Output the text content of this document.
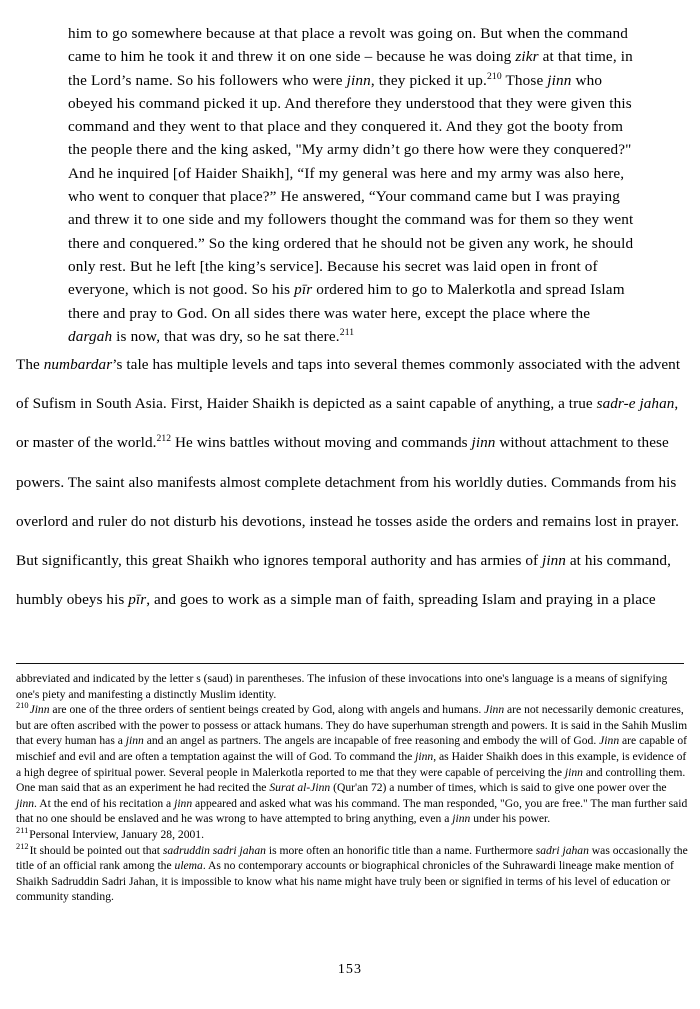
him to go somewhere because at that place a revolt was going on. But when the command came to him he took it and threw it on one side – because he was doing zikr at that time, in the Lord’s name. So his followers who were jinn, they picked it up.$^{210}$ Those jinn who obeyed his command picked it up. And therefore they understood that they were given this command and they went to that place and they conquered it. And they got the booty from the people there and the king asked, "My army didn’t go there how were they conquered?" And he inquired [of Haider Shaikh], “If my general was here and my army was also here, who went to conquer that place?” He answered, “Your command came but I was praying and threw it to one side and my followers thought the command was for them so they went there and conquered.” So the king ordered that he should not be given any work, he should only rest. But he left [the king’s service]. Because his secret was laid open in front of everyone, which is not good. So his pīr ordered him to go to Malerkotla and spread Islam there and pray to God. On all sides there was water here, except the place where the dargah is now, that was dry, so he sat there.$^{211}$
The numbardar’s tale has multiple levels and taps into several themes commonly associated with the advent of Sufism in South Asia. First, Haider Shaikh is depicted as a saint capable of anything, a true sadr-e jahan, or master of the world.$^{212}$ He wins battles without moving and commands jinn without attachment to these powers. The saint also manifests almost complete detachment from his worldly duties. Commands from his overlord and ruler do not disturb his devotions, instead he tosses aside the orders and remains lost in prayer. But significantly, this great Shaikh who ignores temporal authority and has armies of jinn at his command, humbly obeys his pīr, and goes to work as a simple man of faith, spreading Islam and praying in a place

abbreviated and indicated by the letter s (saud) in parentheses. The infusion of these invocations into one's language is a means of signifying one's piety and manifesting a distinctly Muslim identity.

$^{210}$Jinn are one of the three orders of sentient beings created by God, along with angels and humans. Jinn are not necessarily demonic creatures, but are often ascribed with the power to possess or attack humans. They do have superhuman strength and powers. It is said in the Sahih Muslim that every human has a jinn and an angel as partners. The angels are incapable of free reasoning and embody the will of God. Jinn are capable of mischief and evil and are often a temptation against the will of God. To command the jinn, as Haider Shaikh does in this example, is evidence of a high degree of spiritual power. Several people in Malerkotla reported to me that they were capable of perceiving the jinn and controlling them. One man said that as an experiment he had recited the Surat al-Jinn (Qur'an 72) a number of times, which is said to give one power over the jinn. At the end of his recitation a jinn appeared and asked what was his command. The man responded, "Go, you are free." The man further said that no one should be enslaved and he was wrong to have attempted to bring anything, even a jinn under his power.

$^{211}$Personal Interview, January 28, 2001.

$^{212}$It should be pointed out that sadruddin sadri jahan is more often an honorific title than a name. Furthermore sadri jahan was occasionally the title of an official rank among the ulema. As no contemporary accounts or biographical chronicles of the Suhrawardi lineage make mention of Shaikh Sadruddin Sadri Jahan, it is impossible to know what his name might have truly been or signified in terms of his level of education or community standing.

153
